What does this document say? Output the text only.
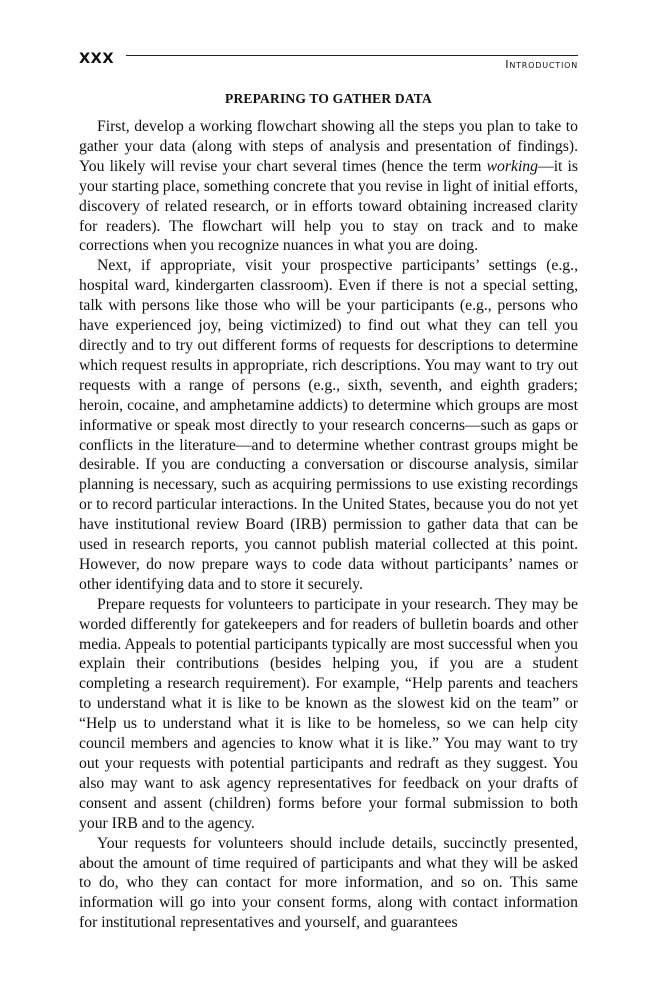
XXX	Introduction
PREPARING TO GATHER DATA

First, develop a working flowchart showing all the steps you plan to take to gather your data (along with steps of analysis and presentation of findings). You likely will revise your chart several times (hence the term working—it is your starting place, something concrete that you revise in light of initial efforts, discovery of related research, or in efforts toward obtaining increased clarity for readers). The flowchart will help you to stay on track and to make corrections when you recognize nuances in what you are doing.

Next, if appropriate, visit your prospective participants’ settings (e.g., hospital ward, kindergarten classroom). Even if there is not a special setting, talk with persons like those who will be your participants (e.g., persons who have experienced joy, being victimized) to find out what they can tell you directly and to try out different forms of requests for descriptions to determine which request results in appropriate, rich descriptions. You may want to try out requests with a range of persons (e.g., sixth, seventh, and eighth graders; heroin, cocaine, and amphetamine addicts) to determine which groups are most informative or speak most directly to your research concerns—such as gaps or conflicts in the literature—and to determine whether contrast groups might be desirable. If you are conducting a conversation or discourse analysis, similar planning is necessary, such as acquiring permissions to use existing recordings or to record particular interactions. In the United States, because you do not yet have institutional review Board (IRB) permission to gather data that can be used in research reports, you cannot publish material collected at this point. However, do now prepare ways to code data without participants’ names or other identifying data and to store it securely.

Prepare requests for volunteers to participate in your research. They may be worded differently for gatekeepers and for readers of bulletin boards and other media. Appeals to potential participants typically are most successful when you explain their contributions (besides helping you, if you are a student completing a research requirement). For example, “Help parents and teachers to understand what it is like to be known as the slowest kid on the team” or “Help us to understand what it is like to be homeless, so we can help city council members and agencies to know what it is like.” You may want to try out your requests with potential participants and redraft as they suggest. You also may want to ask agency representatives for feedback on your drafts of consent and assent (children) forms before your formal submission to both your IRB and to the agency.

Your requests for volunteers should include details, succinctly presented, about the amount of time required of participants and what they will be asked to do, who they can contact for more information, and so on. This same information will go into your consent forms, along with contact information for institutional representatives and yourself, and guarantees
